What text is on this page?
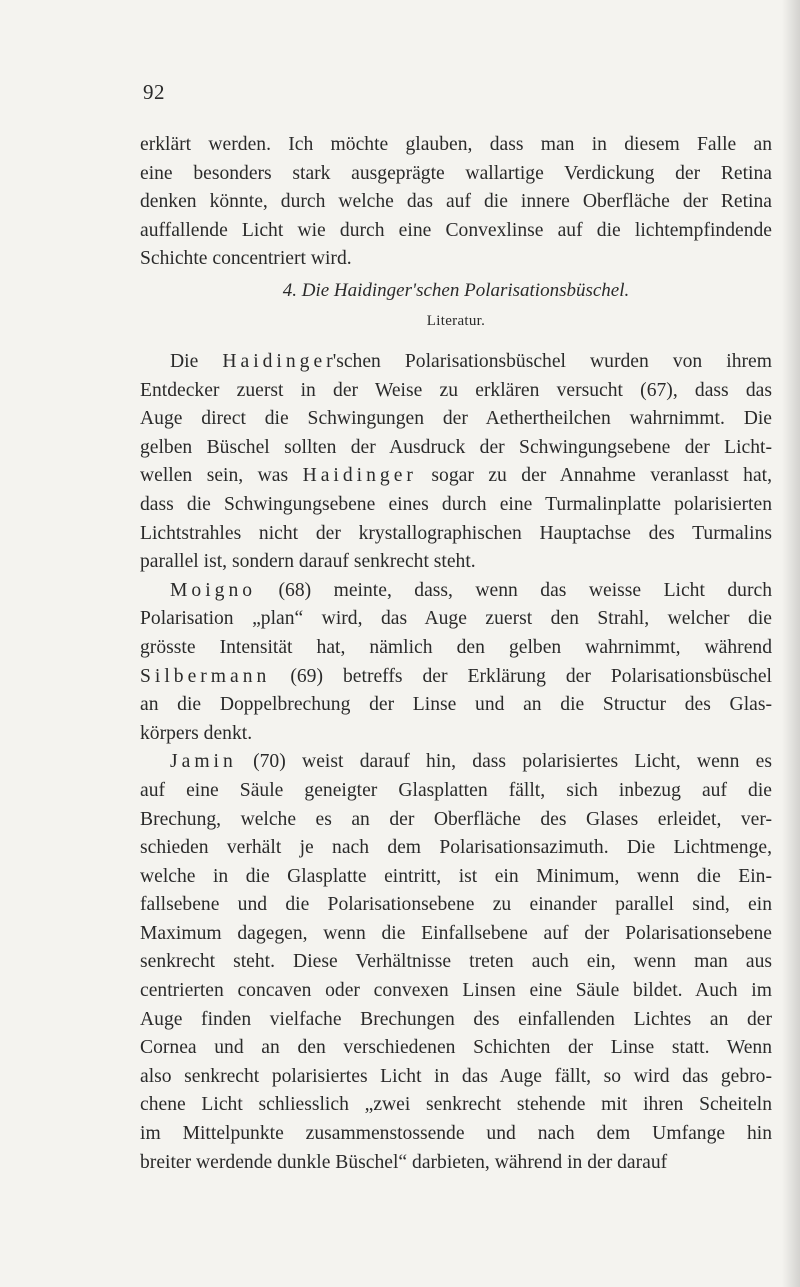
92
erklärt werden. Ich möchte glauben, dass man in diesem Falle an
eine besonders stark ausgeprägte wallartige Verdickung der Retina
denken könnte, durch welche das auf die innere Oberfläche der Retina
auffallende Licht wie durch eine Convexlinse auf die lichtempfindende
Schichte concentriert wird.
4. Die Haidinger'schen Polarisationsbüschel.
Literatur.
Die Haidinger'schen Polarisationsbüschel wurden von ihrem
Entdecker zuerst in der Weise zu erklären versucht (67), dass das
Auge direct die Schwingungen der Aethertheilchen wahrnimmt. Die
gelben Büschel sollten der Ausdruck der Schwingungsebene der Licht-
wellen sein, was Haidinger sogar zu der Annahme veranlasst hat,
dass die Schwingungsebene eines durch eine Turmalinplatte polarisierten
Lichtstrahles nicht der krystallographischen Hauptachse des Turmalins
parallel ist, sondern darauf senkrecht steht.
Moigno (68) meinte, dass, wenn das weisse Licht durch
Polarisation „plan“ wird, das Auge zuerst den Strahl, welcher die
grösste Intensität hat, nämlich den gelben wahrnimmt, während
Silbermann (69) betreffs der Erklärung der Polarisationsbüschel
an die Doppelbrechung der Linse und an die Structur des Glas-
körpers denkt.
Jamin (70) weist darauf hin, dass polarisiertes Licht, wenn es
auf eine Säule geneigter Glasplatten fällt, sich inbezug auf die
Brechung, welche es an der Oberfläche des Glases erleidet, ver-
schieden verhält je nach dem Polarisationsazimuth. Die Lichtmenge,
welche in die Glasplatte eintritt, ist ein Minimum, wenn die Ein-
fallsebene und die Polarisationsebene zu einander parallel sind, ein
Maximum dagegen, wenn die Einfallsebene auf der Polarisationsebene
senkrecht steht. Diese Verhältnisse treten auch ein, wenn man aus
centrierten concaven oder convexen Linsen eine Säule bildet. Auch im
Auge finden vielfache Brechungen des einfallenden Lichtes an der
Cornea und an den verschiedenen Schichten der Linse statt. Wenn
also senkrecht polarisiertes Licht in das Auge fällt, so wird das gebro-
chene Licht schliesslich „zwei senkrecht stehende mit ihren Scheiteln
im Mittelpunkte zusammenstossende und nach dem Umfange hin
breiter werdende dunkle Büschel“ darbieten, während in der darauf
